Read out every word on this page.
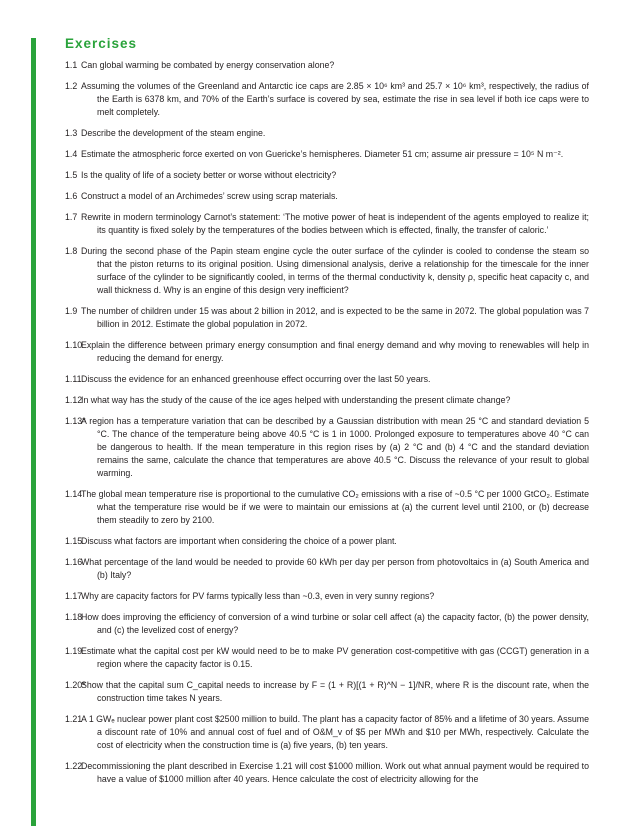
Exercises
1.1 Can global warming be combated by energy conservation alone?
1.2 Assuming the volumes of the Greenland and Antarctic ice caps are 2.85 × 10⁶ km³ and 25.7 × 10⁶ km³, respectively, the radius of the Earth is 6378 km, and 70% of the Earth’s surface is covered by sea, estimate the rise in sea level if both ice caps were to melt completely.
1.3 Describe the development of the steam engine.
1.4 Estimate the atmospheric force exerted on von Guericke’s hemispheres. Diameter 51 cm; assume air pressure = 10⁵ N m⁻².
1.5 Is the quality of life of a society better or worse without electricity?
1.6 Construct a model of an Archimedes’ screw using scrap materials.
1.7 Rewrite in modern terminology Carnot’s statement: ‘The motive power of heat is independent of the agents employed to realize it; its quantity is fixed solely by the temperatures of the bodies between which is effected, finally, the transfer of caloric.’
1.8 During the second phase of the Papin steam engine cycle the outer surface of the cylinder is cooled to condense the steam so that the piston returns to its original position. Using dimensional analysis, derive a relationship for the timescale for the inner surface of the cylinder to be significantly cooled, in terms of the thermal conductivity k, density ρ, specific heat capacity c, and wall thickness d. Why is an engine of this design very inefficient?
1.9 The number of children under 15 was about 2 billion in 2012, and is expected to be the same in 2072. The global population was 7 billion in 2012. Estimate the global population in 2072.
1.10
Explain the difference between primary energy consumption and final energy demand and why moving to renewables will help in reducing the demand for energy.
1.11 Discuss the evidence for an enhanced greenhouse effect occurring over the last 50 years.
1.12
In what way has the study of the cause of the ice ages helped with understanding the present climate change?
1.13*
A region has a temperature variation that can be described by a Gaussian distribution with mean 25 °C and standard deviation 5 °C. The chance of the temperature being above 40.5 °C is 1 in 1000. Prolonged exposure to temperatures above 40 °C can be dangerous to health. If the mean temperature in this region rises by (a) 2 °C and (b) 4 °C and the standard deviation remains the same, calculate the chance that temperatures are above 40.5 °C. Discuss the relevance of your result to global warming.
1.14
The global mean temperature rise is proportional to the cumulative CO₂ emissions with a rise of ~0.5 °C per 1000 GtCO₂. Estimate what the temperature rise would be if we were to maintain our emissions at (a) the current level until 2100, or (b) decrease them steadily to zero by 2100.
1.15
Discuss what factors are important when considering the choice of a power plant.
1.16
What percentage of the land would be needed to provide 60 kWh per day per person from photovoltaics in (a) South America and (b) Italy?
1.17
Why are capacity factors for PV farms typically less than ~0.3, even in very sunny regions?
1.18
How does improving the efficiency of conversion of a wind turbine or solar cell affect (a) the capacity factor, (b) the power density, and (c) the levelized cost of energy?
1.19
Estimate what the capital cost per kW would need to be to make PV generation cost-competitive with gas (CCGT) generation in a region where the capacity factor is 0.15.
1.20*
Show that the capital sum C_capital needs to increase by F = (1 + R)[(1 + R)^N − 1]/NR, where R is the discount rate, when the construction time takes N years.
1.21
A 1 GWₑ nuclear power plant cost $2500 million to build. The plant has a capacity factor of 85% and a lifetime of 30 years. Assume a discount rate of 10% and annual cost of fuel and of O&M_v of $5 per MWh and $10 per MWh, respectively. Calculate the cost of electricity when the construction time is (a) five years, (b) ten years.
1.22
Decommissioning the plant described in Exercise 1.21 will cost $1000 million. Work out what annual payment would be required to have a value of $1000 million after 40 years. Hence calculate the cost of electricity allowing for the
